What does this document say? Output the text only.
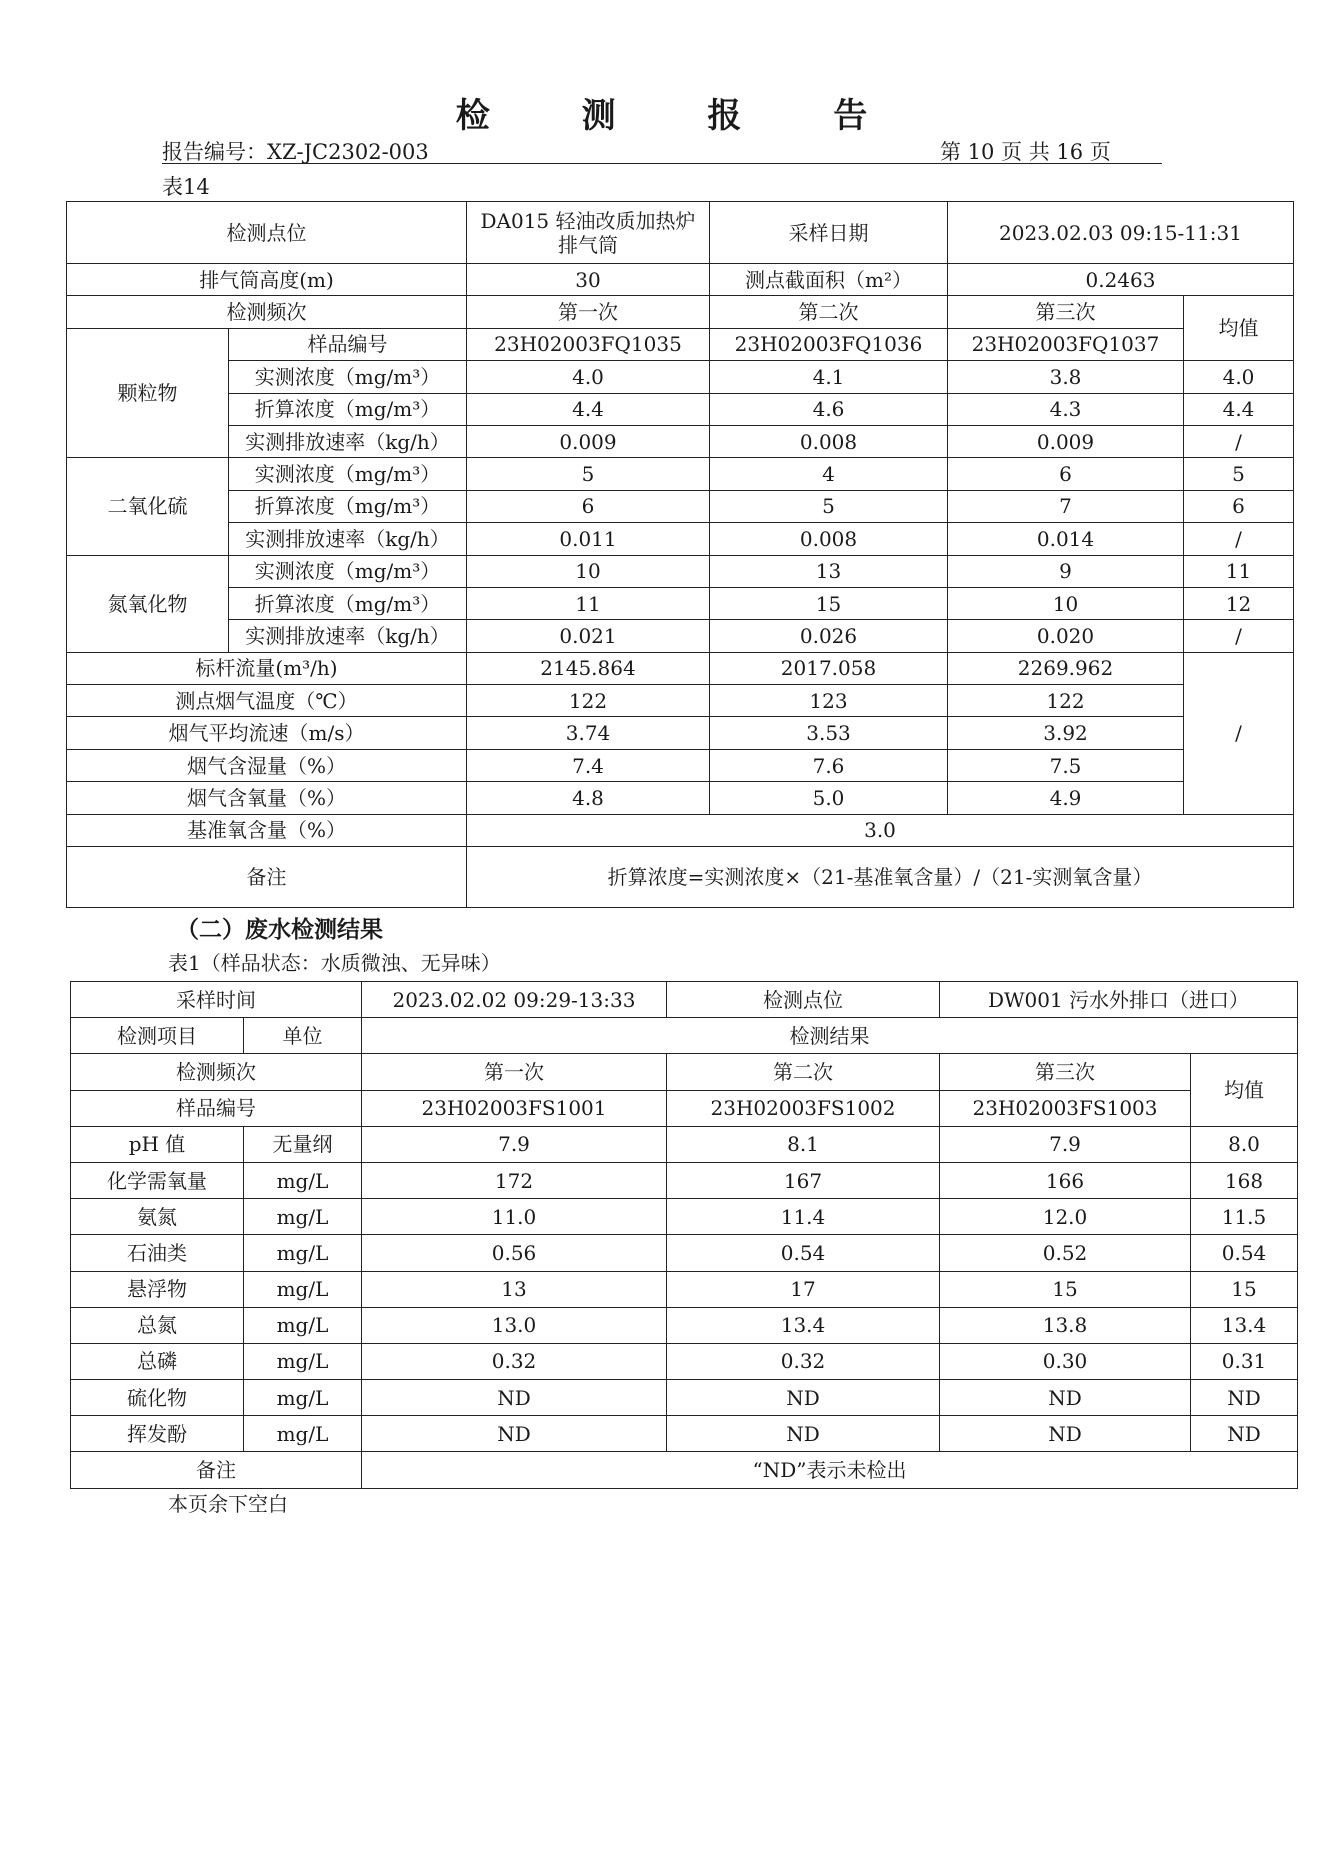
检 测 报 告
报告编号：XZ-JC2302-003	第 10 页 共 16 页
表14
检测点位		DA015 轻油改质加热炉排气筒	采样日期	2023.02.03 09:15-11:31	
排气筒高度(m)		30	测点截面积（m²）	0.2463	
检测频次		第一次	第二次	第三次	均值
颗粒物	样品编号	23H02003FQ1035	23H02003FQ1036	23H02003FQ1037	
	实测浓度（mg/m³）	4.0	4.1	3.8	4.0
	折算浓度（mg/m³）	4.4	4.6	4.3	4.4
	实测排放速率（kg/h）	0.009	0.008	0.009	/
二氧化硫	实测浓度（mg/m³）	5	4	6	5
	折算浓度（mg/m³）	6	5	7	6
	实测排放速率（kg/h）	0.011	0.008	0.014	/
氮氧化物	实测浓度（mg/m³）	10	13	9	11
	折算浓度（mg/m³）	11	15	10	12
	实测排放速率（kg/h）	0.021	0.026	0.020	/
标杆流量(m³/h)		2145.864	2017.058	2269.962	/
测点烟气温度（℃）		122	123	122	
烟气平均流速（m/s）		3.74	3.53	3.92	
烟气含湿量（%）		7.4	7.6	7.5	
烟气含氧量（%）		4.8	5.0	4.9	
基准氧含量（%）		3.0			
备注		折算浓度=实测浓度×（21-基准氧含量）/（21-实测氧含量）			
（二）废水检测结果
表1（样品状态：水质微浊、无异味）
采样时间		2023.02.02 09:29-13:33	检测点位	DW001 污水外排口（进口）	
检测项目	单位	检测结果			
检测频次		第一次	第二次	第三次	均值
样品编号		23H02003FS1001	23H02003FS1002	23H02003FS1003	
pH 值	无量纲	7.9	8.1	7.9	8.0
化学需氧量	mg/L	172	167	166	168
氨氮	mg/L	11.0	11.4	12.0	11.5
石油类	mg/L	0.56	0.54	0.52	0.54
悬浮物	mg/L	13	17	15	15
总氮	mg/L	13.0	13.4	13.8	13.4
总磷	mg/L	0.32	0.32	0.30	0.31
硫化物	mg/L	ND	ND	ND	ND
挥发酚	mg/L	ND	ND	ND	ND
备注		“ND”表示未检出			
本页余下空白
